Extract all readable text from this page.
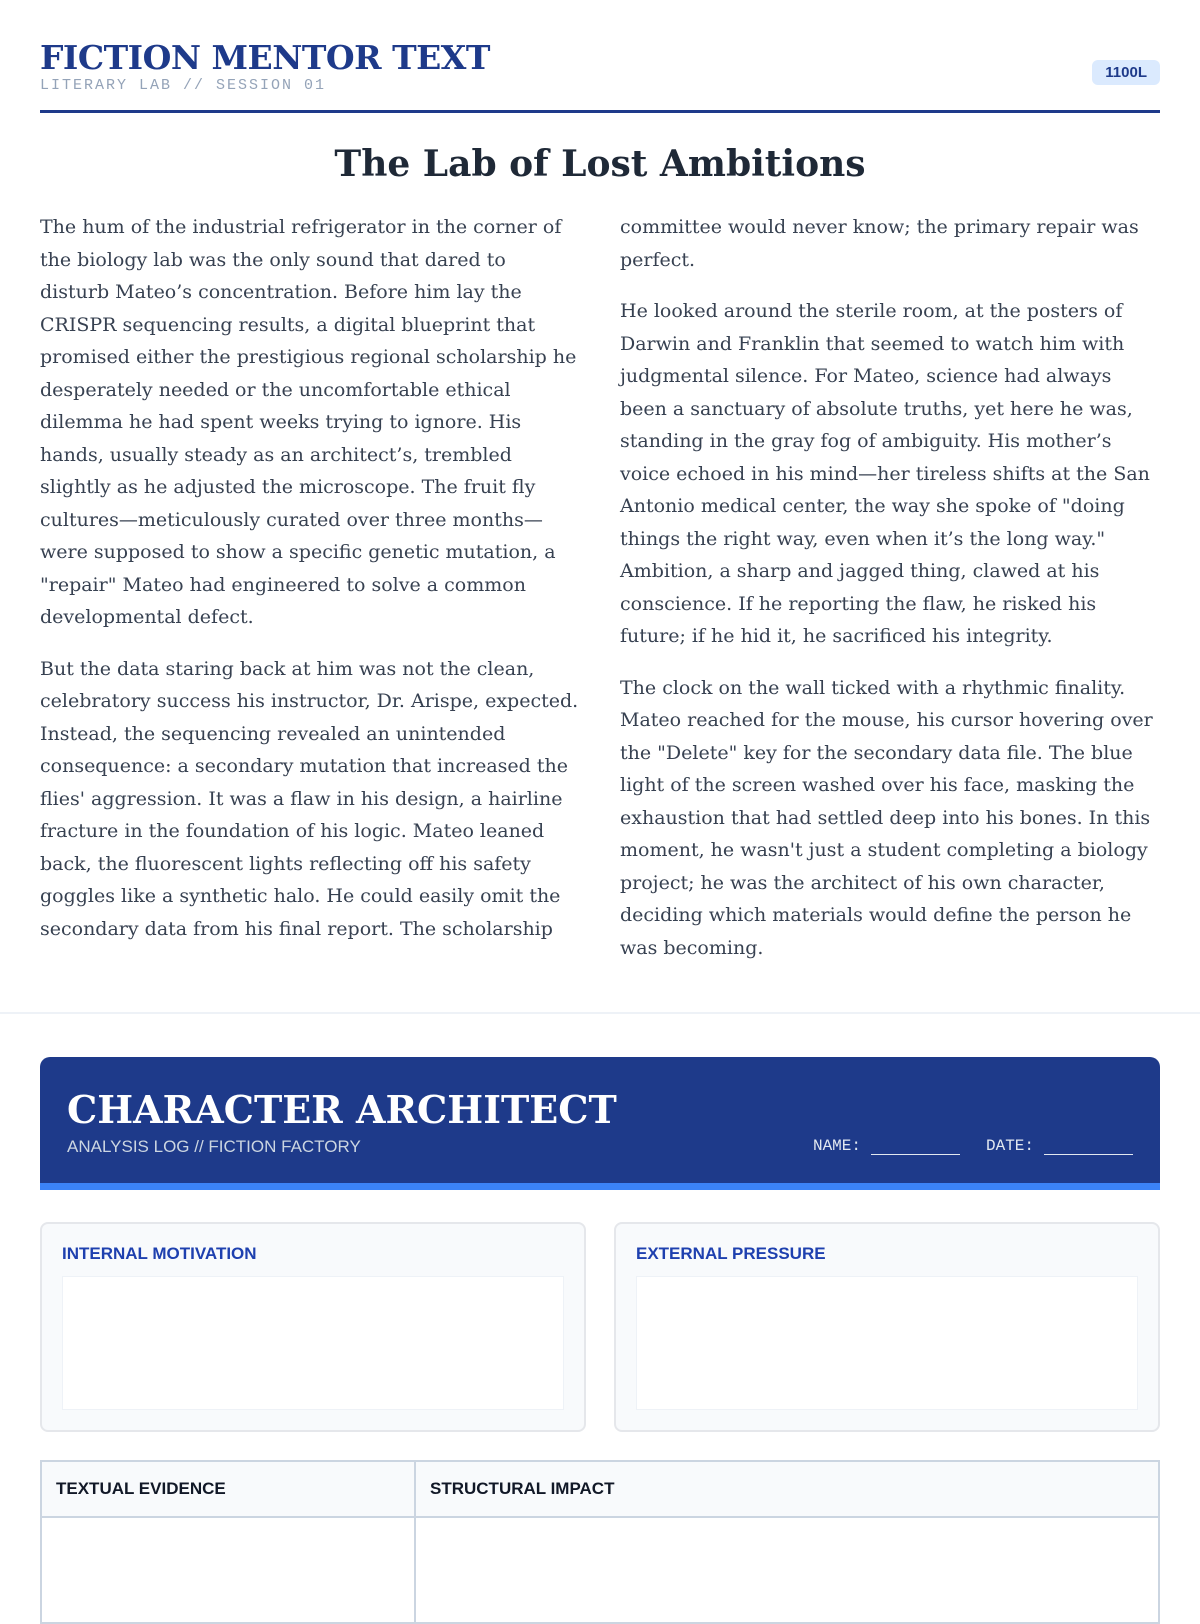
FICTION MENTOR TEXT
LITERARY LAB // SESSION 01
1100L
The Lab of Lost Ambitions

The hum of the industrial refrigerator in the corner of the biology lab was the only sound that dared to disturb Mateo’s concentration. Before him lay the CRISPR sequencing results, a digital blueprint that promised either the prestigious regional scholarship he desperately needed or the uncomfortable ethical dilemma he had spent weeks trying to ignore. His hands, usually steady as an architect’s, trembled slightly as he adjusted the microscope. The fruit fly cultures—meticulously curated over three months—were supposed to show a specific genetic mutation, a "repair" Mateo had engineered to solve a common developmental defect.

But the data staring back at him was not the clean, celebratory success his instructor, Dr. Arispe, expected. Instead, the sequencing revealed an unintended consequence: a secondary mutation that increased the flies' aggression. It was a flaw in his design, a hairline fracture in the foundation of his logic. Mateo leaned back, the fluorescent lights reflecting off his safety goggles like a synthetic halo. He could easily omit the secondary data from his final report. The scholarship committee would never know; the primary repair was perfect.

He looked around the sterile room, at the posters of Darwin and Franklin that seemed to watch him with judgmental silence. For Mateo, science had always been a sanctuary of absolute truths, yet here he was, standing in the gray fog of ambiguity. His mother’s voice echoed in his mind—her tireless shifts at the San Antonio medical center, the way she spoke of "doing things the right way, even when it’s the long way." Ambition, a sharp and jagged thing, clawed at his conscience. If he reporting the flaw, he risked his future; if he hid it, he sacrificed his integrity.

The clock on the wall ticked with a rhythmic finality. Mateo reached for the mouse, his cursor hovering over the "Delete" key for the secondary data file. The blue light of the screen washed over his face, masking the exhaustion that had settled deep into his bones. In this moment, he wasn't just a student completing a biology project; he was the architect of his own character, deciding which materials would define the person he was becoming.

CHARACTER ARCHITECT
ANALYSIS LOG // FICTION FACTORY	NAME:	DATE:
INTERNAL MOTIVATION	EXTERNAL PRESSURE
TEXTUAL EVIDENCE	STRUCTURAL IMPACT
